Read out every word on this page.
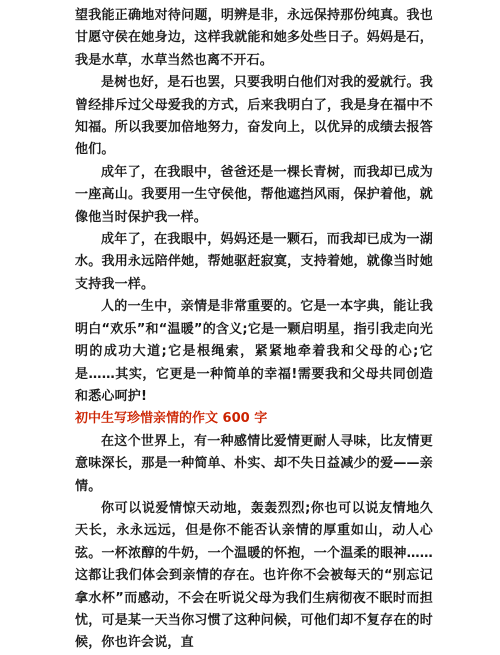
望我能正确地对待问题，明辨是非，永远保持那份纯真。我也甘愿守侯在她身边，这样我就能和她多处些日子。妈妈是石，我是水草，水草当然也离不开石。

是树也好，是石也罢，只要我明白他们对我的爱就行。我曾经排斥过父母爱我的方式，后来我明白了，我是身在福中不知福。所以我要加倍地努力，奋发向上，以优异的成绩去报答他们。

成年了，在我眼中，爸爸还是一棵长青树，而我却已成为一座高山。我要用一生守侯他，帮他遮挡风雨，保护着他，就像他当时保护我一样。

成年了，在我眼中，妈妈还是一颗石，而我却已成为一湖水。我用永远陪伴她，帮她驱赶寂寞，支持着她，就像当时她支持我一样。

人的一生中，亲情是非常重要的。它是一本字典，能让我明白“欢乐”和“温暖”的含义;它是一颗启明星，指引我走向光明的成功大道;它是根绳索，紧紧地牵着我和父母的心;它是……其实，它更是一种简单的幸福!需要我和父母共同创造和悉心呵护!

初中生写珍惜亲情的作文 600 字

在这个世界上，有一种感情比爱情更耐人寻味，比友情更意味深长，那是一种简单、朴实、却不失日益减少的爱——亲情。

你可以说爱情惊天动地，轰轰烈烈;你也可以说友情地久天长，永永远远，但是你不能否认亲情的厚重如山，动人心弦。一杯浓醇的牛奶，一个温暖的怀抱，一个温柔的眼神……这都让我们体会到亲情的存在。也许你不会被每天的“别忘记拿水杯”而感动，不会在听说父母为我们生病彻夜不眠时而担忧，可是某一天当你习惯了这种问候，可他们却不复存在的时候，你也许会说，直
